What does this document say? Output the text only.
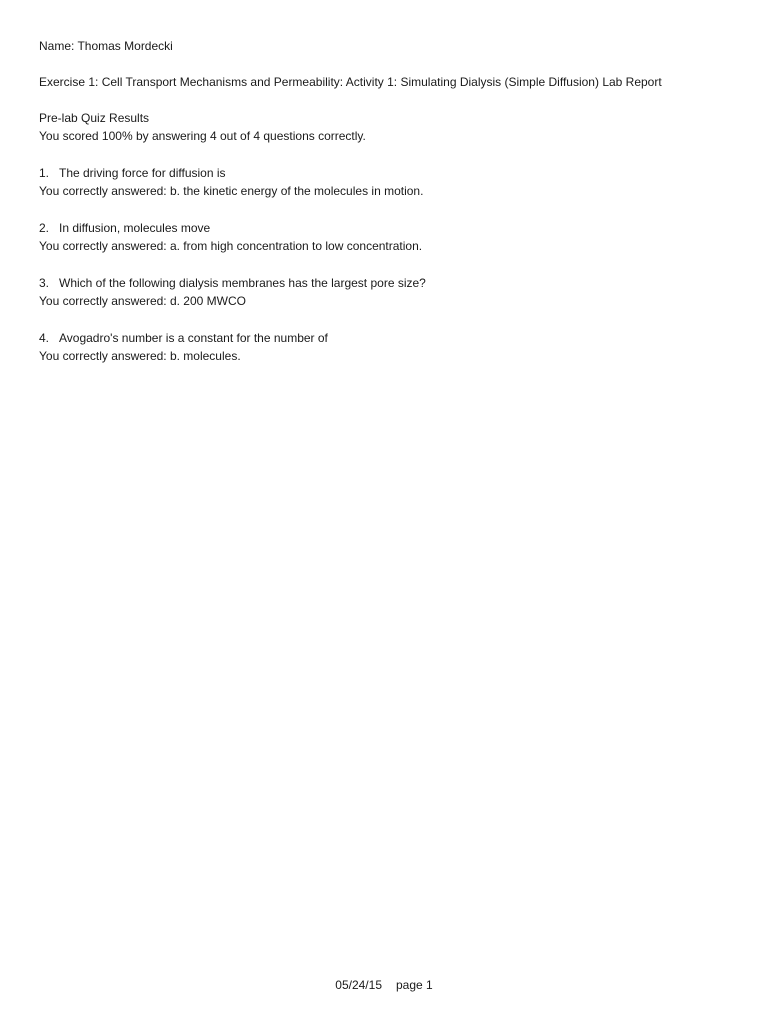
Name: Thomas Mordecki
Exercise 1: Cell Transport Mechanisms and Permeability: Activity 1: Simulating Dialysis (Simple Diffusion) Lab Report
Pre-lab Quiz Results
You scored 100% by answering 4 out of 4 questions correctly.
1. The driving force for diffusion is
You correctly answered: b. the kinetic energy of the molecules in motion.
2. In diffusion, molecules move
You correctly answered: a. from high concentration to low concentration.
3. Which of the following dialysis membranes has the largest pore size?
You correctly answered: d. 200 MWCO
4. Avogadro's number is a constant for the number of
You correctly answered: b. molecules.
05/24/15 page 1
